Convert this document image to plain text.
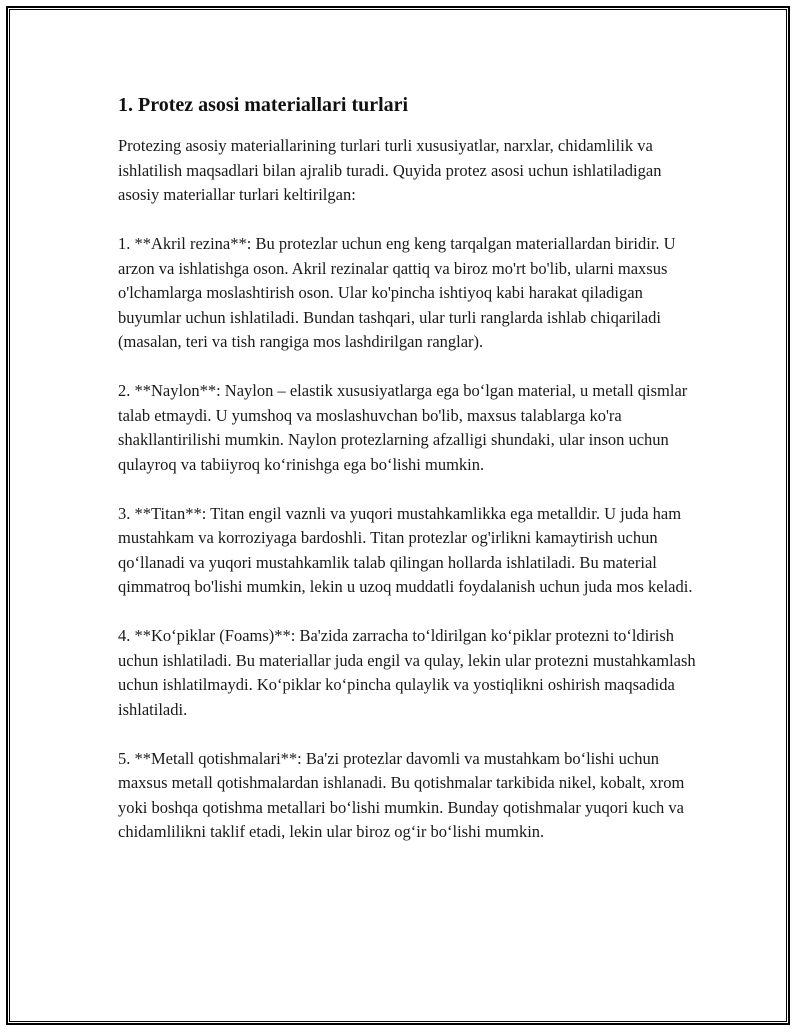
1. Protez asosi materiallari turlari

Protezing asosiy materiallarining turlari turli xususiyatlar, narxlar, chidamlilik va ishlatilish maqsadlari bilan ajralib turadi. Quyida protez asosi uchun ishlatiladigan asosiy materiallar turlari keltirilgan:

1. **Akril rezina**: Bu protezlar uchun eng keng tarqalgan materiallardan biridir. U arzon va ishlatishga oson. Akril rezinalar qattiq va biroz mo'rt bo'lib, ularni maxsus o'lchamlarga moslashtirish oson. Ular ko'pincha ishtiyoq kabi harakat qiladigan buyumlar uchun ishlatiladi. Bundan tashqari, ular turli ranglarda ishlab chiqariladi (masalan, teri va tish rangiga mos lashdirilgan ranglar).

2. **Naylon**: Naylon – elastik xususiyatlarga ega bo‘lgan material, u metall qismlar talab etmaydi. U yumshoq va moslashuvchan bo'lib, maxsus talablarga ko'ra shakllantirilishi mumkin. Naylon protezlarning afzalligi shundaki, ular inson uchun qulayroq va tabiiyroq ko‘rinishga ega bo‘lishi mumkin.

3. **Titan**: Titan engil vaznli va yuqori mustahkamlikka ega metalldir. U juda ham mustahkam va korroziyaga bardoshli. Titan protezlar og'irlikni kamaytirish uchun qo‘llanadi va yuqori mustahkamlik talab qilingan hollarda ishlatiladi. Bu material qimmatroq bo'lishi mumkin, lekin u uzoq muddatli foydalanish uchun juda mos keladi.

4. **Ko‘piklar (Foams)**: Ba'zida zarracha to‘ldirilgan ko‘piklar protezni to‘ldirish uchun ishlatiladi. Bu materiallar juda engil va qulay, lekin ular protezni mustahkamlash uchun ishlatilmaydi. Ko‘piklar ko‘pincha qulaylik va yostiqlikni oshirish maqsadida ishlatiladi.

5. **Metall qotishmalari**: Ba'zi protezlar davomli va mustahkam bo‘lishi uchun maxsus metall qotishmalardan ishlanadi. Bu qotishmalar tarkibida nikel, kobalt, xrom yoki boshqa qotishma metallari bo‘lishi mumkin. Bunday qotishmalar yuqori kuch va chidamlilikni taklif etadi, lekin ular biroz og‘ir bo‘lishi mumkin.
